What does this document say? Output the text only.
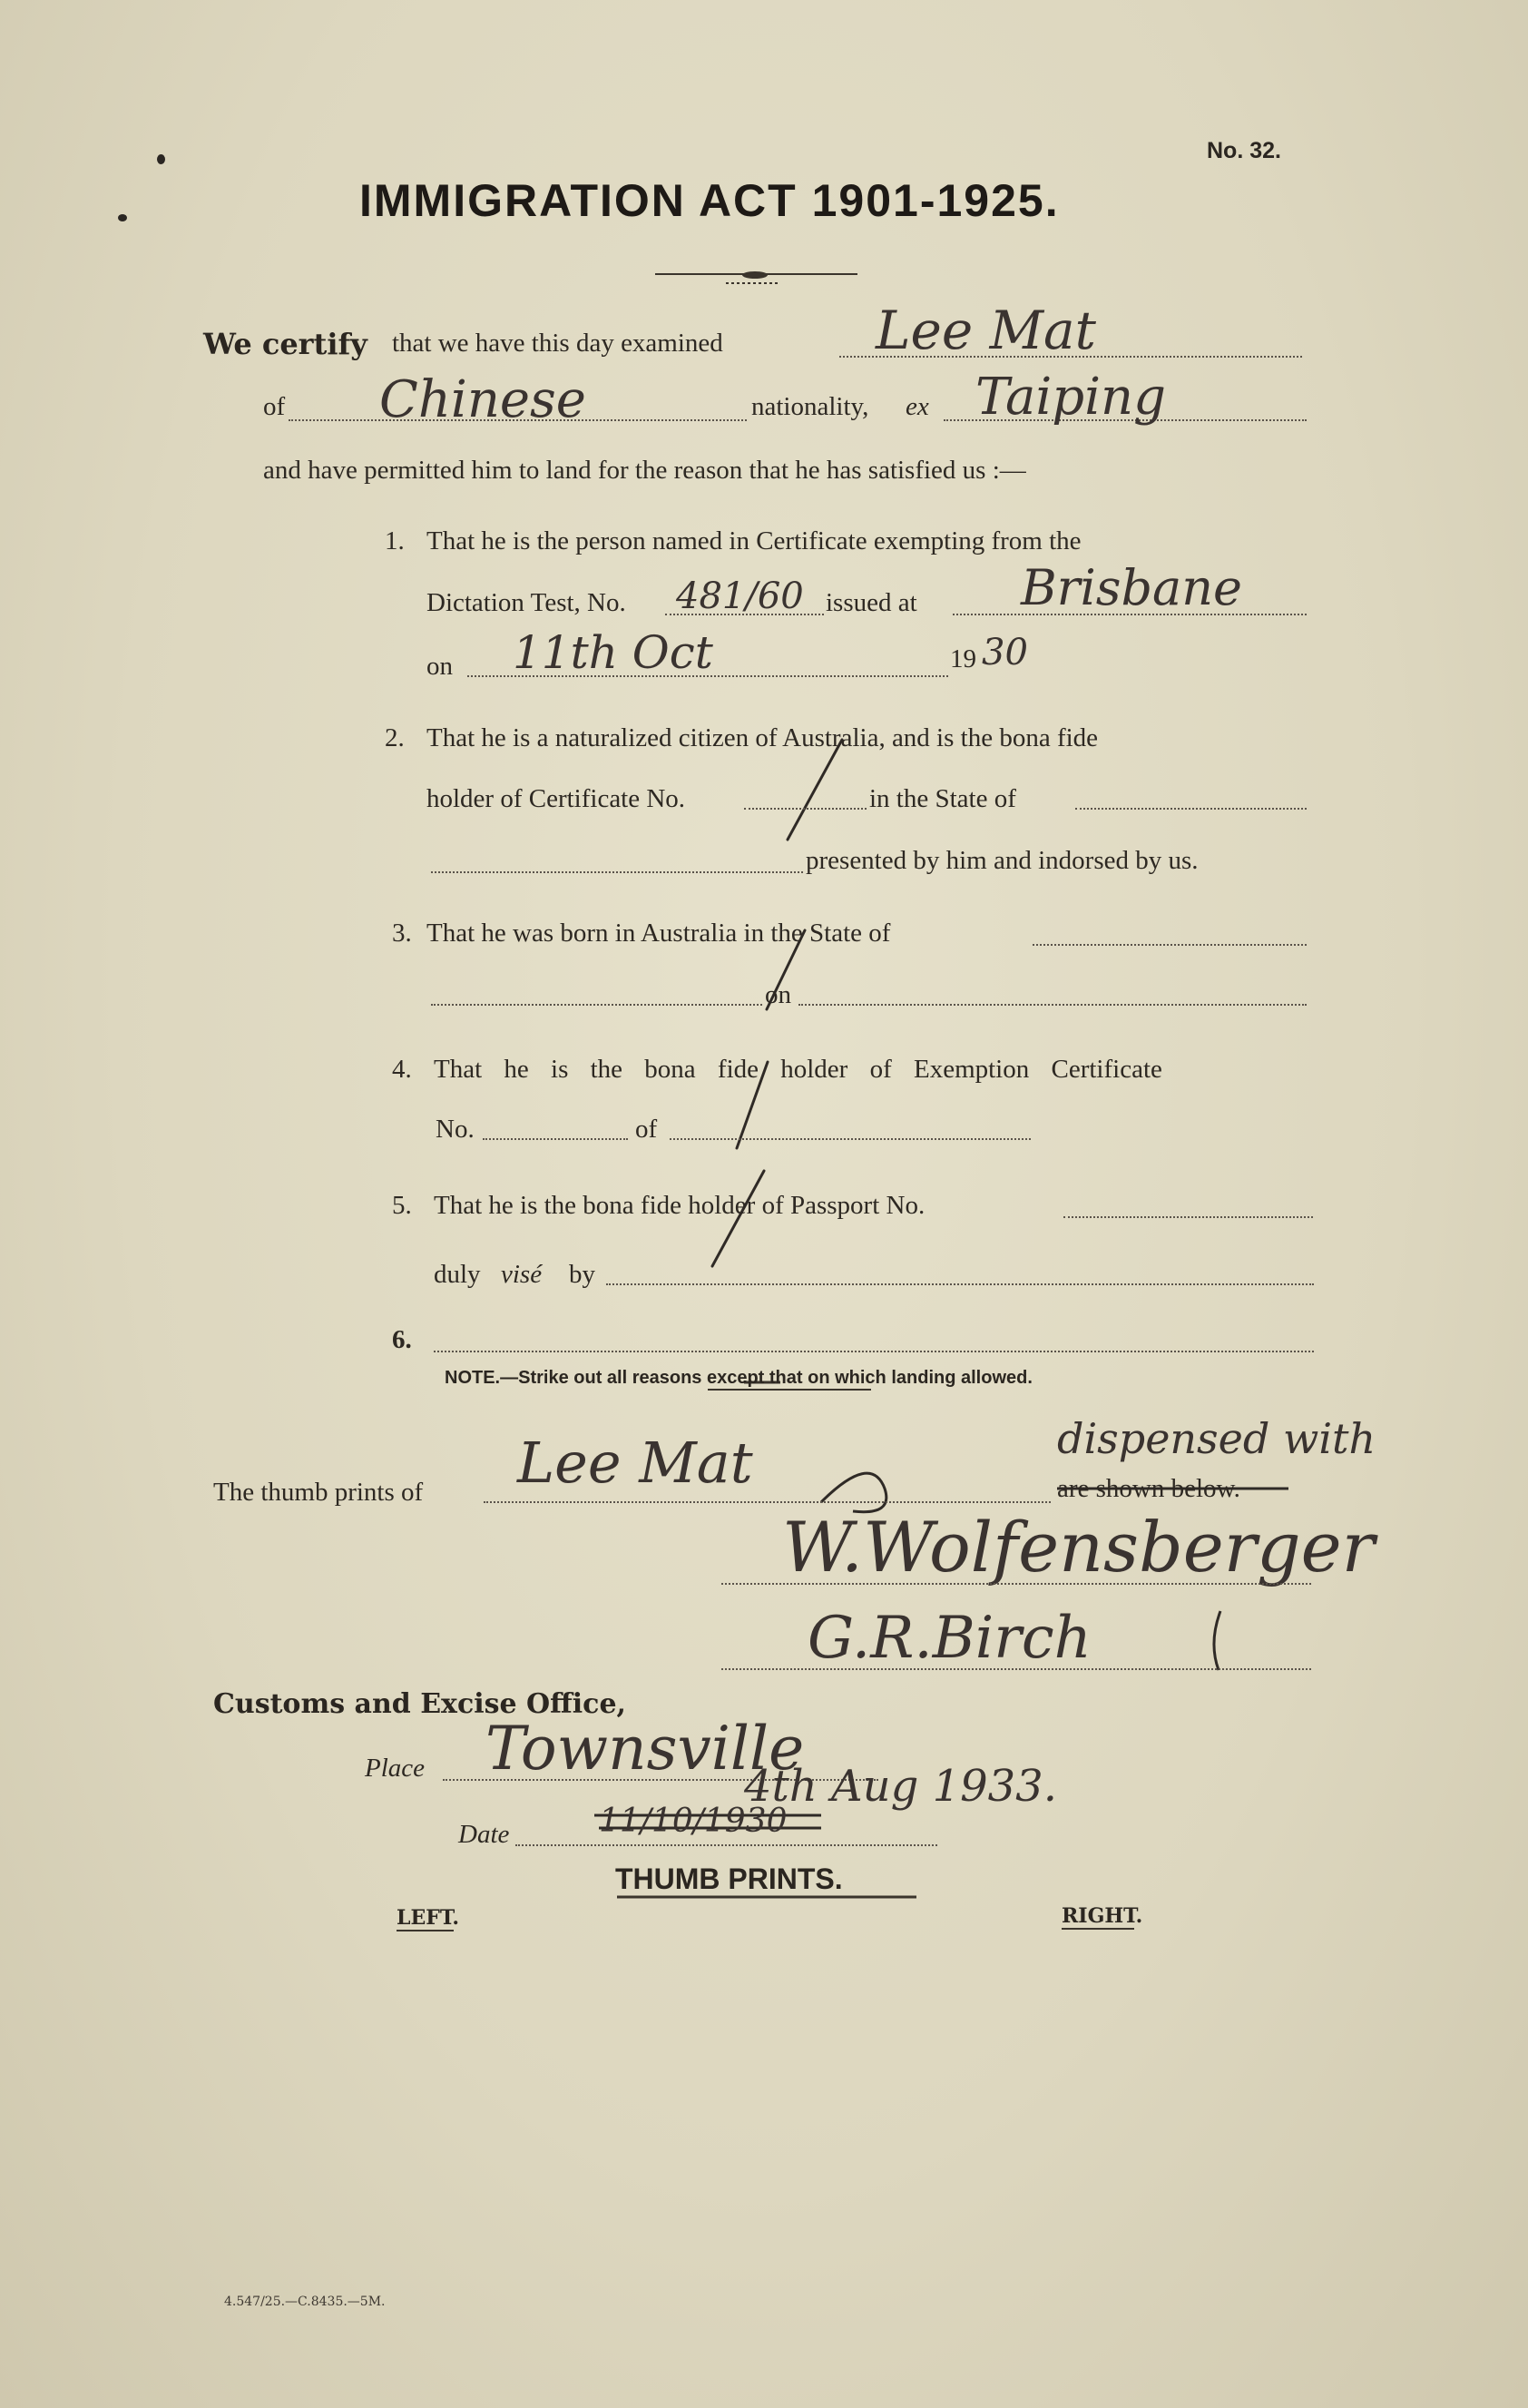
No. 32.
IMMIGRATION ACT 1901-1925.
We certify that we have this day examined	Lee Mat
of Chinese	nationality, ex Taiping
and have permitted him to land for the reason that he has satisfied us :—
1. That he is the person named in Certificate exempting from the
Dictation Test, No. 481/60 issued at Brisbane
on 11th Oct	19 30
2. That he is a naturalized citizen of Australia, and is the bona fide
holder of Certificate No.	in the State of
presented by him and indorsed by us.
3. That he was born in Australia in the State of
on
4. That he is the bona fide holder of Exemption Certificate
No.	of
5. That he is the bona fide holder of Passport No.
duly visé by
6.
NOTE.—Strike out all reasons except that on which landing allowed.
The thumb prints of Lee Mat	are shown below.
dispensed with
W.Wolfensberger
G.R.Birch
Customs and Excise Office,
Place Townsville
Date	11/10/1930
4th Aug 1933.
THUMB PRINTS.
LEFT.	RIGHT.
4.547/25.—C.8435.—5M.
